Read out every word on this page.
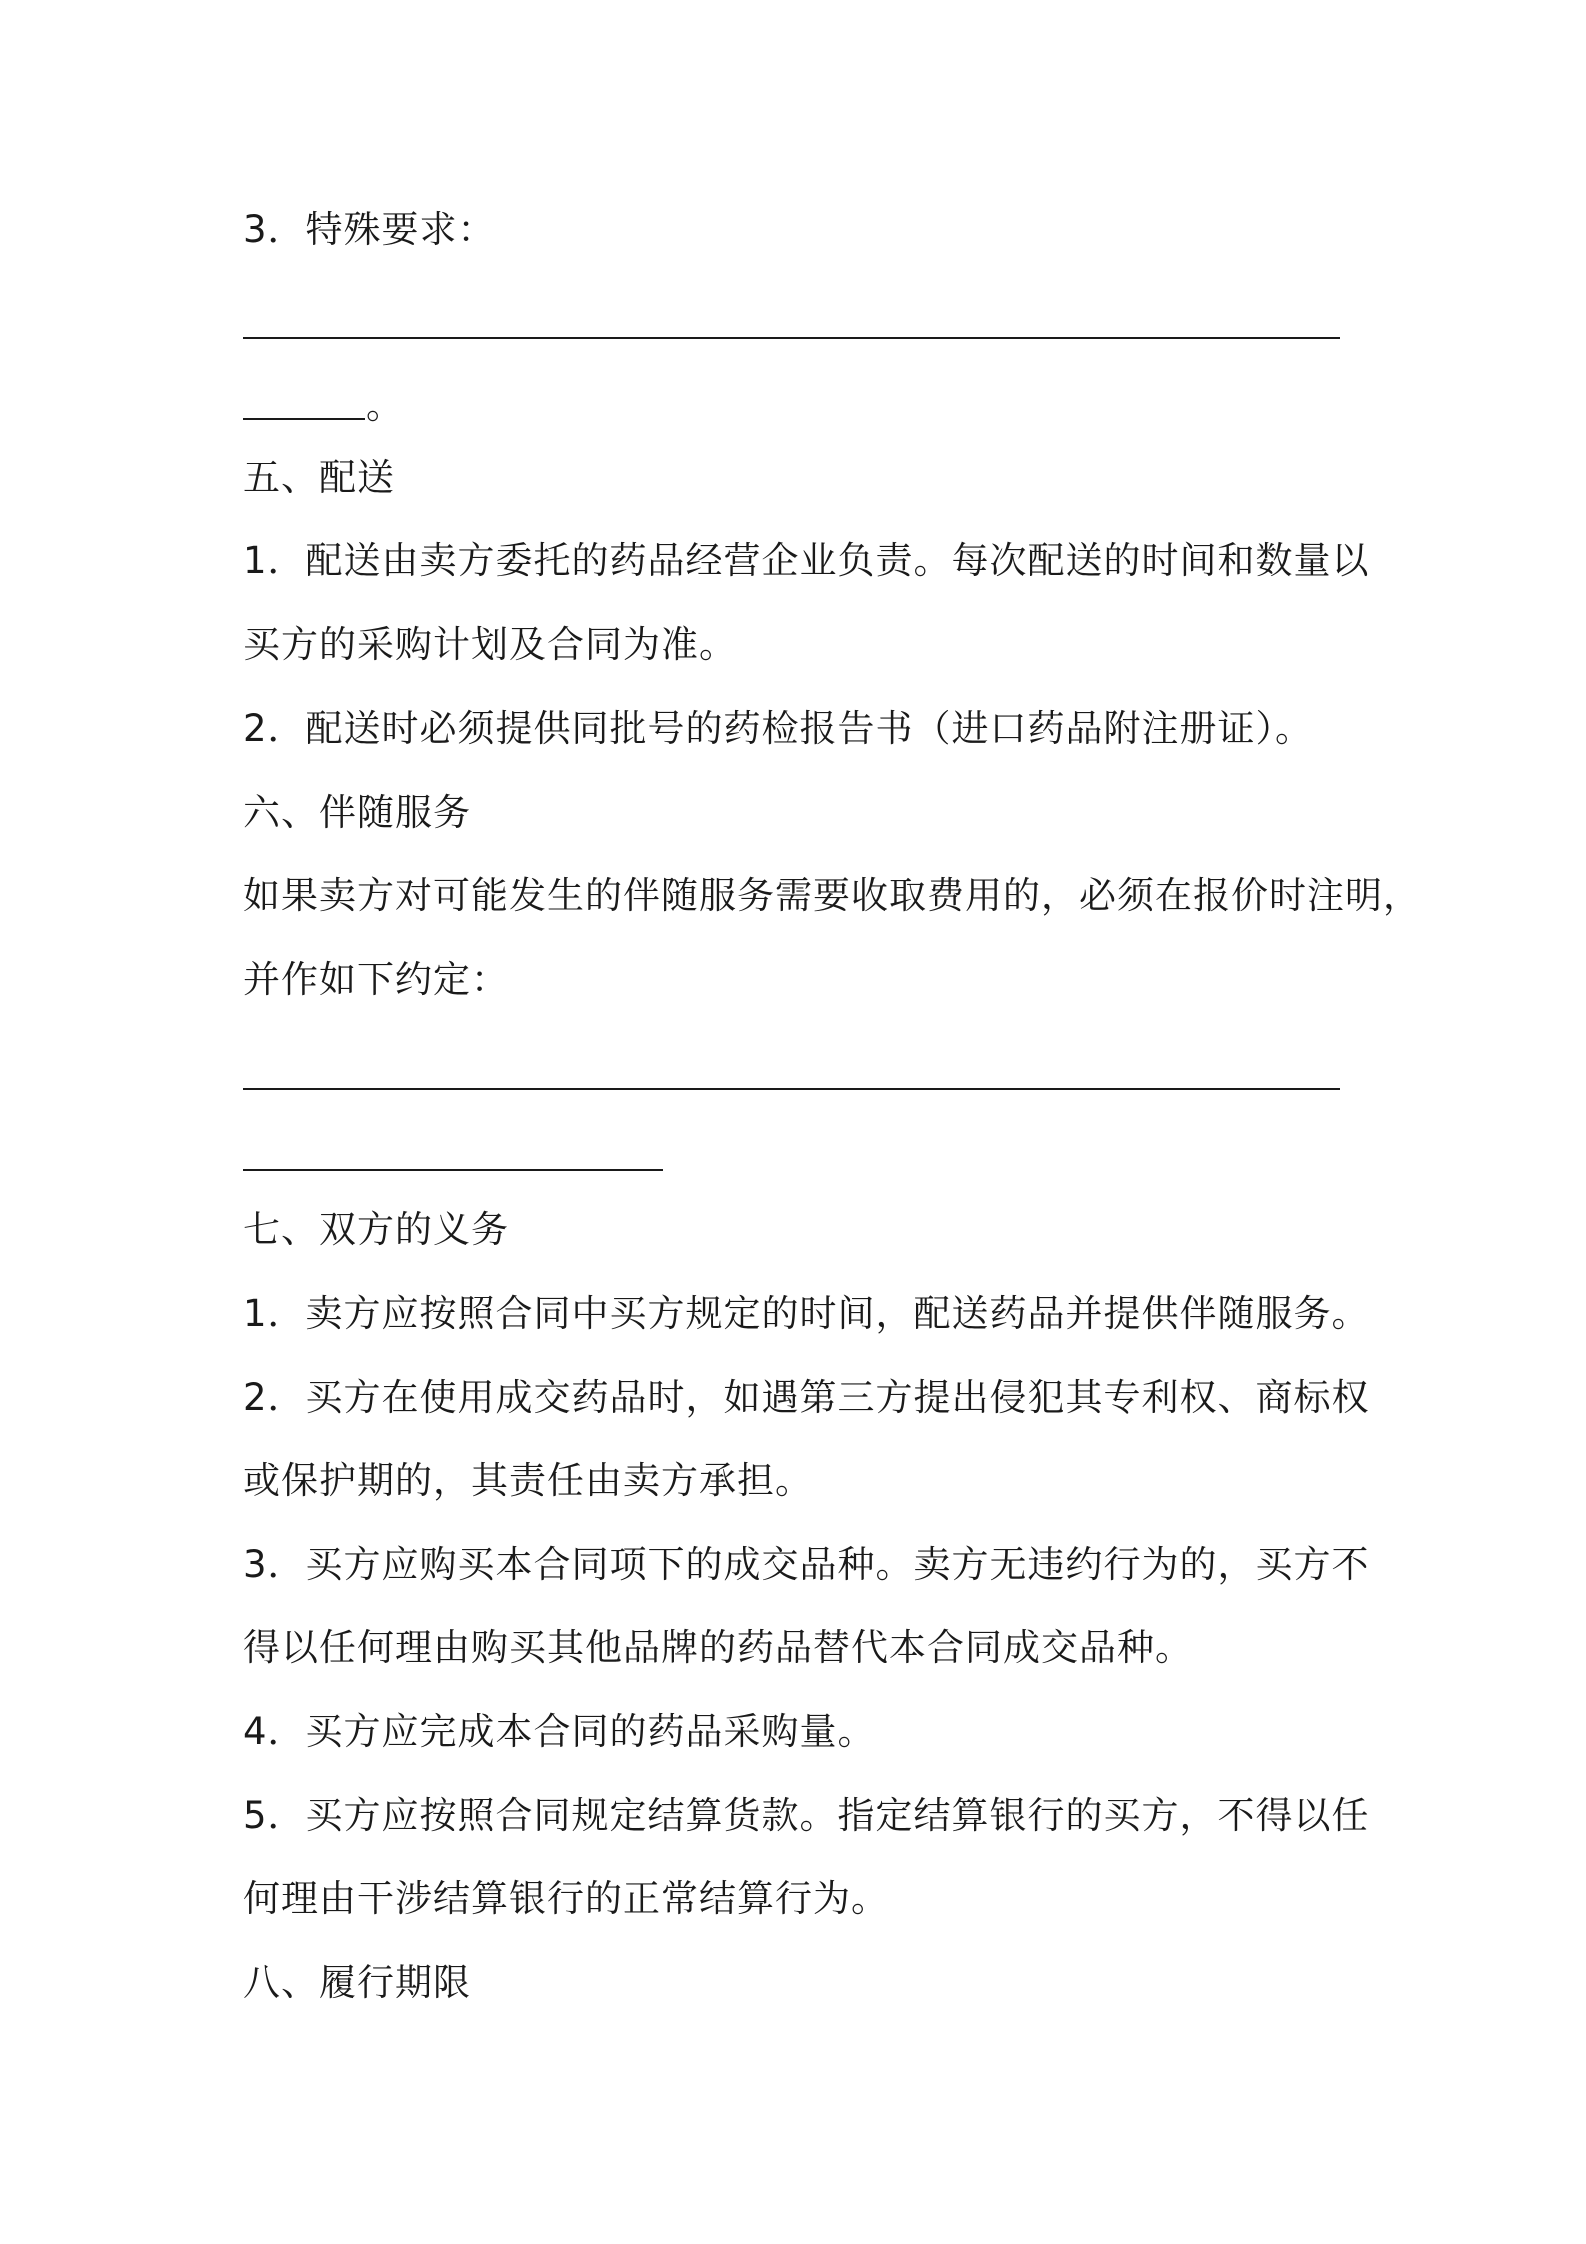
3．特殊要求：
。
五、配送
1．配送由卖方委托的药品经营企业负责。每次配送的时间和数量以
买方的采购计划及合同为准。
2．配送时必须提供同批号的药检报告书（进口药品附注册证）。
六、伴随服务
如果卖方对可能发生的伴随服务需要收取费用的，必须在报价时注明，
并作如下约定：
七、双方的义务
1．卖方应按照合同中买方规定的时间，配送药品并提供伴随服务。
2．买方在使用成交药品时，如遇第三方提出侵犯其专利权、商标权
或保护期的，其责任由卖方承担。
3．买方应购买本合同项下的成交品种。卖方无违约行为的，买方不
得以任何理由购买其他品牌的药品替代本合同成交品种。
4．买方应完成本合同的药品采购量。
5．买方应按照合同规定结算货款。指定结算银行的买方，不得以任
何理由干涉结算银行的正常结算行为。
八、履行期限
